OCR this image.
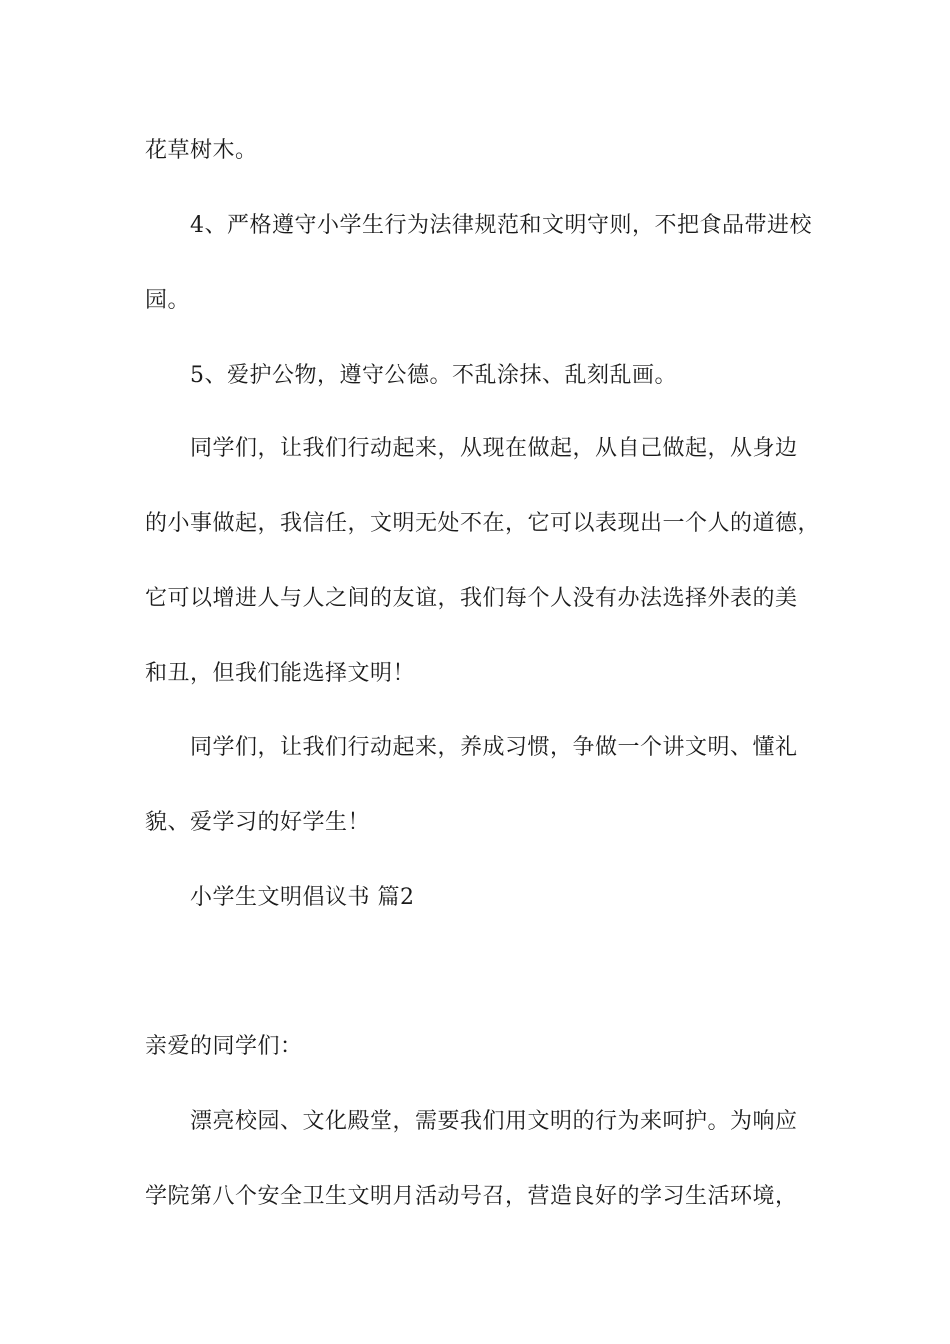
花草树木。
4、严格遵守小学生行为法律规范和文明守则，不把食品带进校
园。
5、爱护公物，遵守公德。不乱涂抹、乱刻乱画。
同学们，让我们行动起来，从现在做起，从自己做起，从身边
的小事做起，我信任，文明无处不在，它可以表现出一个人的道德，
它可以增进人与人之间的友谊，我们每个人没有办法选择外表的美
和丑，但我们能选择文明！
同学们，让我们行动起来，养成习惯，争做一个讲文明、懂礼
貌、爱学习的好学生！
小学生文明倡议书 篇2
亲爱的同学们：
漂亮校园、文化殿堂，需要我们用文明的行为来呵护。为响应
学院第八个安全卫生文明月活动号召，营造良好的学习生活环境，
